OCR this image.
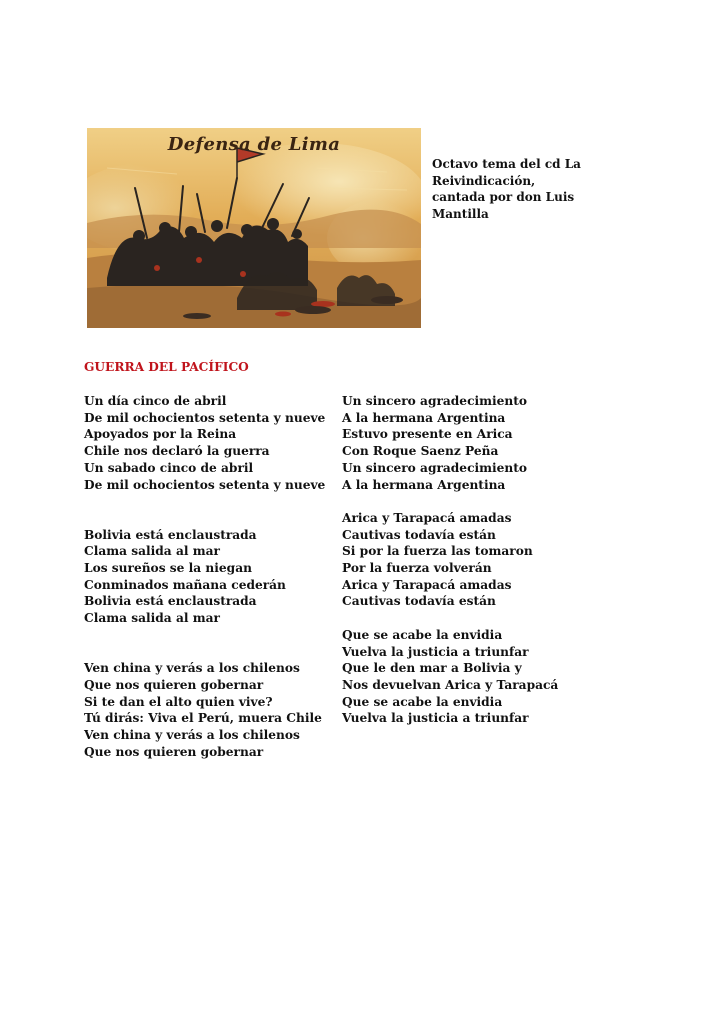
Defensa de Lima
Octavo tema del cd La
Reivindicación,
cantada por don Luis
Mantilla
GUERRA DEL PACÍFICO
Un día cinco de abril
De mil ochocientos setenta y nueve
Apoyados por la Reina
Chile nos declaró la guerra
Un sabado cinco de abril
De mil ochocientos setenta y nueve
Bolivia está enclaustrada
Clama salida al mar
Los sureños se la niegan
Conminados mañana cederán
Bolivia está enclaustrada
Clama salida al mar
Ven china y verás a los chilenos
Que nos quieren gobernar
Si te dan el alto quien vive?
Tú dirás: Viva el Perú, muera Chile
Ven china y verás a los chilenos
Que nos quieren gobernar
Un sincero agradecimiento
A la hermana Argentina
Estuvo presente en Arica
Con Roque Saenz Peña
Un sincero agradecimiento
A la hermana Argentina
Arica y Tarapacá amadas
Cautivas todavía están
Si por la fuerza las tomaron
Por la fuerza volverán
Arica y Tarapacá amadas
Cautivas todavía están
Que se acabe la envidia
Vuelva la justicia a triunfar
Que le den mar a Bolivia y
Nos devuelvan Arica y Tarapacá
Que se acabe la envidia
Vuelva la justicia a triunfar
